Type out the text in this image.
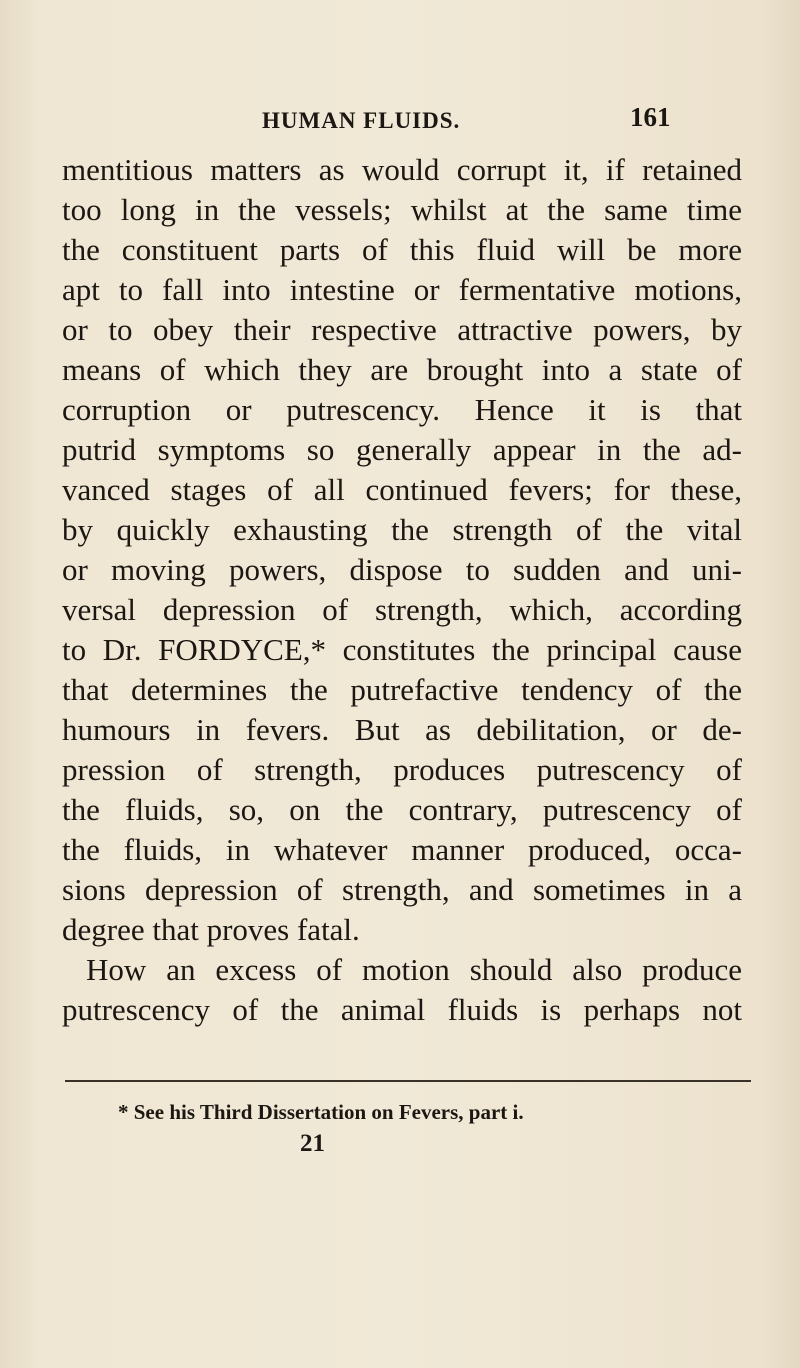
HUMAN FLUIDS.	161
mentitious matters as would corrupt it, if retained
too long in the vessels; whilst at the same time
the constituent parts of this fluid will be more
apt to fall into intestine or fermentative motions,
or to obey their respective attractive powers, by
means of which they are brought into a state of
corruption or putrescency. Hence it is that
putrid symptoms so generally appear in the ad-
vanced stages of all continued fevers; for these,
by quickly exhausting the strength of the vital
or moving powers, dispose to sudden and uni-
versal depression of strength, which, according
to Dr. FORDYCE,* constitutes the principal cause
that determines the putrefactive tendency of the
humours in fevers. But as debilitation, or de-
pression of strength, produces putrescency of
the fluids, so, on the contrary, putrescency of
the fluids, in whatever manner produced, occa-
sions depression of strength, and sometimes in a
degree that proves fatal.
How an excess of motion should also produce
putrescency of the animal fluids is perhaps not
* See his Third Dissertation on Fevers, part i.
21
